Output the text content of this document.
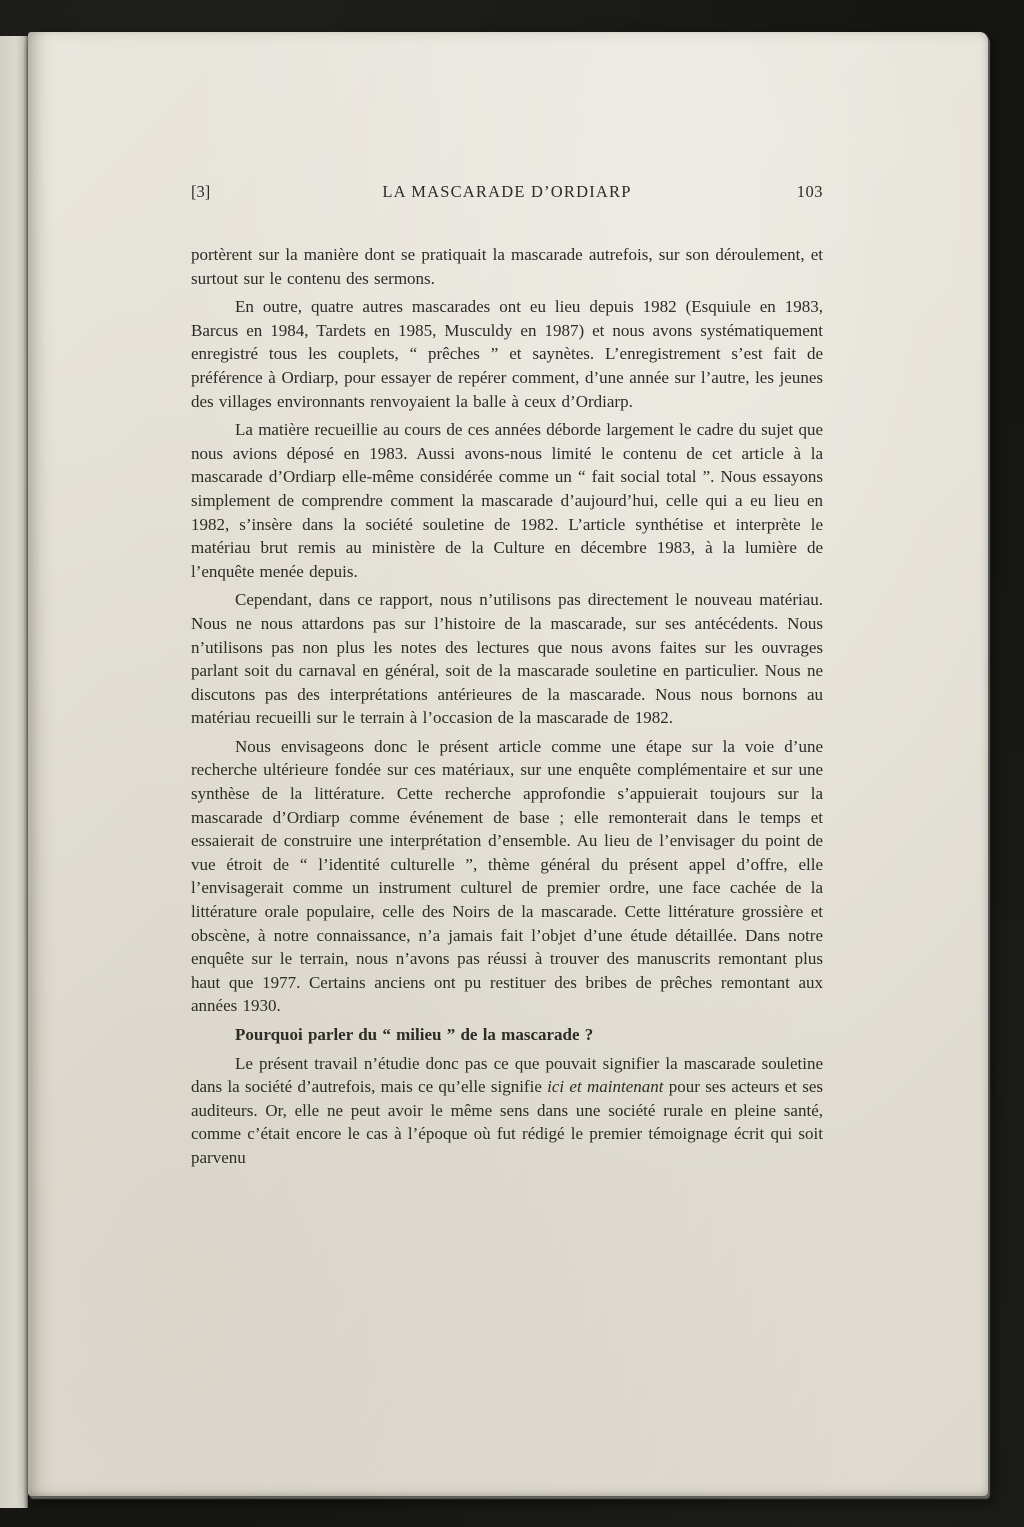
[3]	LA MASCARADE D’ORDIARP	103

portèrent sur la manière dont se pratiquait la mascarade autrefois, sur son déroulement, et surtout sur le contenu des sermons.

En outre, quatre autres mascarades ont eu lieu depuis 1982 (Esquiule en 1983, Barcus en 1984, Tardets en 1985, Musculdy en 1987) et nous avons systématiquement enregistré tous les couplets, “ prêches ” et saynètes. L’enregistrement s’est fait de préférence à Ordiarp, pour essayer de repérer comment, d’une année sur l’autre, les jeunes des villages environnants renvoyaient la balle à ceux d’Ordiarp.

La matière recueillie au cours de ces années déborde largement le cadre du sujet que nous avions déposé en 1983. Aussi avons-nous limité le contenu de cet article à la mascarade d’Ordiarp elle-même considérée comme un “ fait social total ”. Nous essayons simplement de comprendre comment la mascarade d’aujourd’hui, celle qui a eu lieu en 1982, s’insère dans la société souletine de 1982. L’article synthétise et interprète le matériau brut remis au ministère de la Culture en décembre 1983, à la lumière de l’enquête menée depuis.

Cependant, dans ce rapport, nous n’utilisons pas directement le nouveau matériau. Nous ne nous attardons pas sur l’histoire de la mascarade, sur ses antécédents. Nous n’utilisons pas non plus les notes des lectures que nous avons faites sur les ouvrages parlant soit du carnaval en général, soit de la mascarade souletine en particulier. Nous ne discutons pas des interprétations antérieures de la mascarade. Nous nous bornons au matériau recueilli sur le terrain à l’occasion de la mascarade de 1982.

Nous envisageons donc le présent article comme une étape sur la voie d’une recherche ultérieure fondée sur ces matériaux, sur une enquête complémentaire et sur une synthèse de la littérature. Cette recherche approfondie s’appuierait toujours sur la mascarade d’Ordiarp comme événement de base ; elle remonterait dans le temps et essaierait de construire une interprétation d’ensemble. Au lieu de l’envisager du point de vue étroit de “ l’identité culturelle ”, thème général du présent appel d’offre, elle l’envisagerait comme un instrument culturel de premier ordre, une face cachée de la littérature orale populaire, celle des Noirs de la mascarade. Cette littérature grossière et obscène, à notre connaissance, n’a jamais fait l’objet d’une étude détaillée. Dans notre enquête sur le terrain, nous n’avons pas réussi à trouver des manuscrits remontant plus haut que 1977. Certains anciens ont pu restituer des bribes de prêches remontant aux années 1930.

Pourquoi parler du “ milieu ” de la mascarade ?

Le présent travail n’étudie donc pas ce que pouvait signifier la mascarade souletine dans la société d’autrefois, mais ce qu’elle signifie ici et maintenant pour ses acteurs et ses auditeurs. Or, elle ne peut avoir le même sens dans une société rurale en pleine santé, comme c’était encore le cas à l’époque où fut rédigé le premier témoignage écrit qui soit parvenu
